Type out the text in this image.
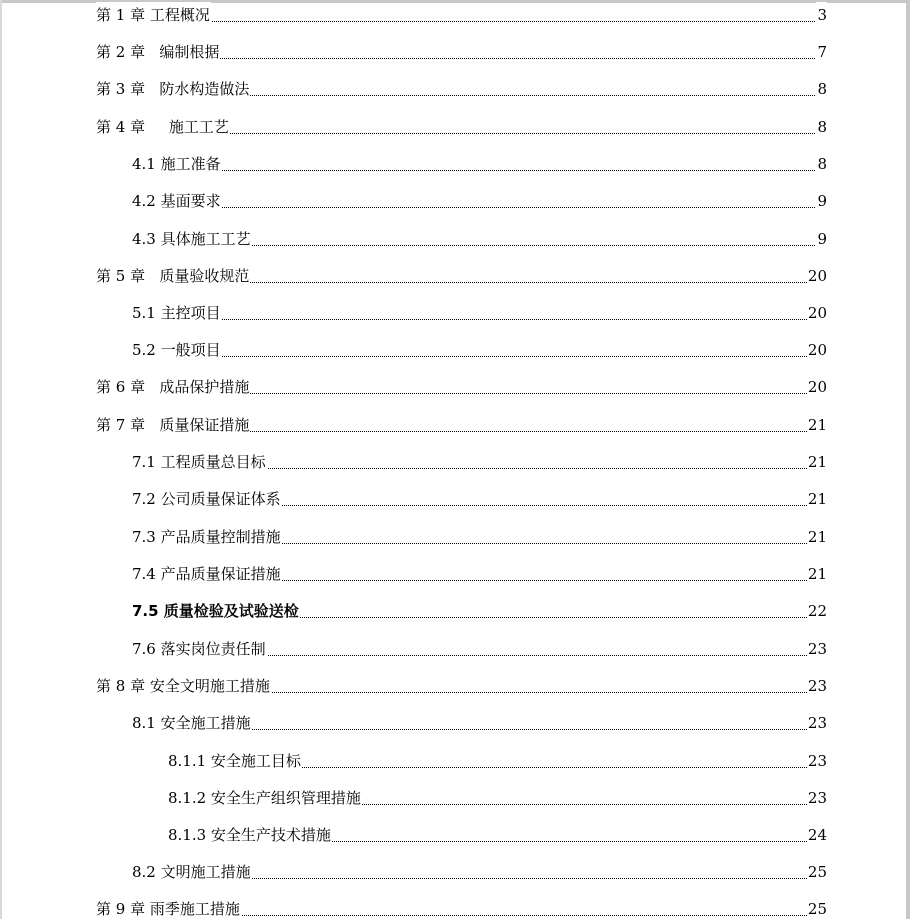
第 1 章 工程概况	3
第 2 章   编制根据	7
第 3 章   防水构造做法	8
第 4 章     施工工艺	8
4.1 施工准备	8
4.2 基面要求	9
4.3 具体施工工艺	9
第 5 章   质量验收规范	20
5.1 主控项目	20
5.2 一般项目	20
第 6 章   成品保护措施	20
第 7 章   质量保证措施	21
7.1 工程质量总目标	21
7.2 公司质量保证体系	21
7.3 产品质量控制措施	21
7.4 产品质量保证措施	21
7.5 质量检验及试验送检	22
7.6 落实岗位责任制	23
第 8 章 安全文明施工措施	23
8.1 安全施工措施	23
8.1.1 安全施工目标	23
8.1.2 安全生产组织管理措施	23
8.1.3 安全生产技术措施	24
8.2 文明施工措施	25
第 9 章 雨季施工措施	25
